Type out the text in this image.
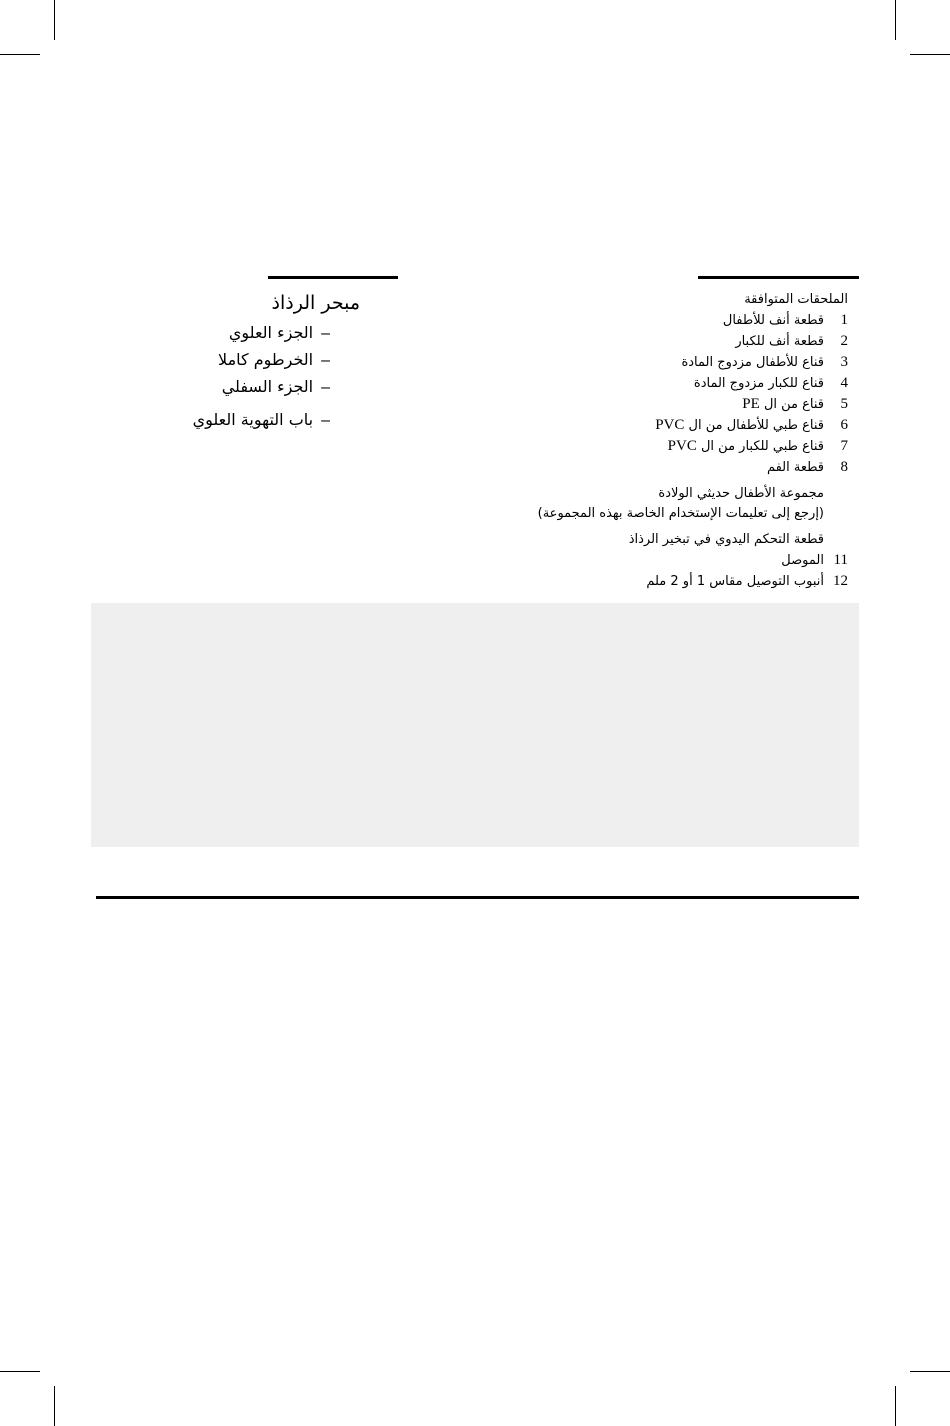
مبحر الرذاذ
–الجزء العلوي
–الخرطوم كاملا
–الجزء السفلي
–باب التهوية العلوي
الملحقات المتوافقة
1
قطعة أنف للأطفال
2
قطعة أنف للكبار
3
قناع للأطفال مزدوج المادة
4
قناع للكبار مزدوج المادة
5
قناع من ال PE
6
قناع طبي للأطفال من ال PVC
7
قناع طبي للكبار من ال PVC
8
قطعة الفم
مجموعة الأطفال حديثي الولادة
(إرجع إلى تعليمات الإستخدام الخاصة بهذه المجموعة)
قطعة التحكم اليدوي في تبخير الرذاذ
11
الموصل
12
أنبوب التوصيل مقاس 1 أو 2 ملم
